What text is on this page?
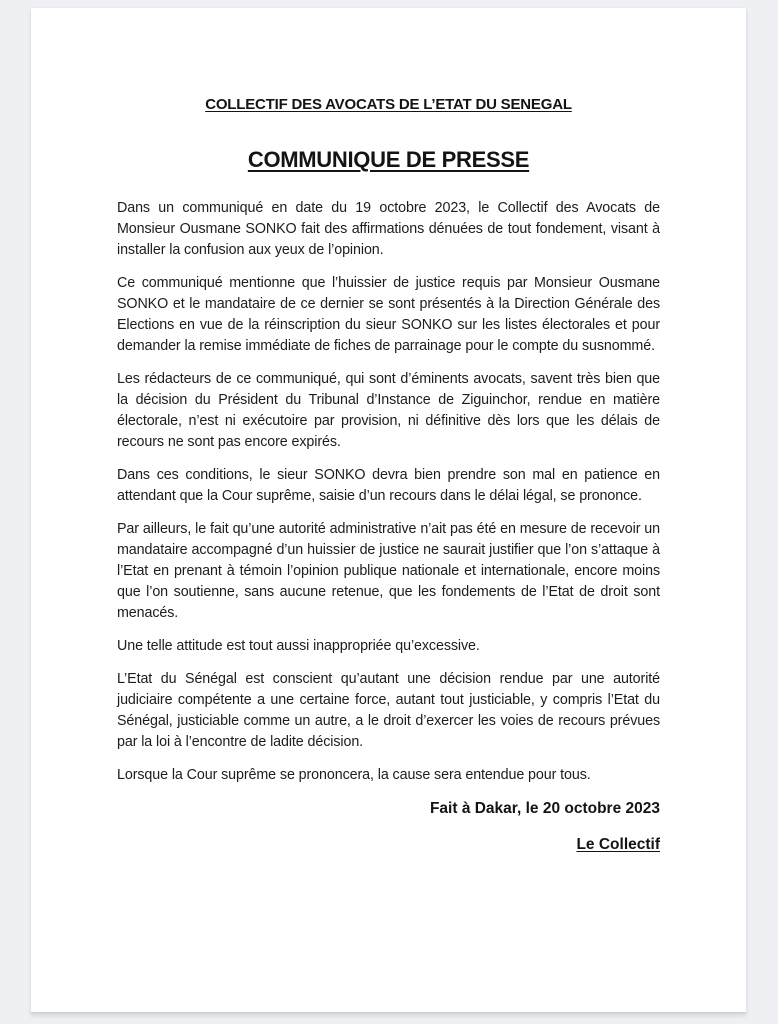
COLLECTIF DES AVOCATS DE L’ETAT DU SENEGAL
COMMUNIQUE DE PRESSE

Dans un communiqué en date du 19 octobre 2023, le Collectif des Avocats de Monsieur Ousmane SONKO fait des affirmations dénuées de tout fondement, visant à installer la confusion aux yeux de l’opinion.

Ce communiqué mentionne que l’huissier de justice requis par Monsieur Ousmane SONKO et le mandataire de ce dernier se sont présentés à la Direction Générale des Elections en vue de la réinscription du sieur SONKO sur les listes électorales et pour demander la remise immédiate de fiches de parrainage pour le compte du susnommé.

Les rédacteurs de ce communiqué, qui sont d’éminents avocats, savent très bien que la décision du Président du Tribunal d’Instance de Ziguinchor, rendue en matière électorale, n’est ni exécutoire par provision, ni définitive dès lors que les délais de recours ne sont pas encore expirés.

Dans ces conditions, le sieur SONKO devra bien prendre son mal en patience en attendant que la Cour suprême, saisie d’un recours dans le délai légal, se prononce.

Par ailleurs, le fait qu’une autorité administrative n’ait pas été en mesure de recevoir un mandataire accompagné d’un huissier de justice ne saurait justifier que l’on s’attaque à l’Etat en prenant à témoin l’opinion publique nationale et internationale, encore moins que l’on soutienne, sans aucune retenue, que les fondements de l’Etat de droit sont menacés.

Une telle attitude est tout aussi inappropriée qu’excessive.

L’Etat du Sénégal est conscient qu’autant une décision rendue par une autorité judiciaire compétente a une certaine force, autant tout justiciable, y compris l’Etat du Sénégal, justiciable comme un autre, a le droit d’exercer les voies de recours prévues par la loi à l’encontre de ladite décision.

Lorsque la Cour suprême se prononcera, la cause sera entendue pour tous.

Fait à Dakar, le 20 octobre 2023

Le Collectif
